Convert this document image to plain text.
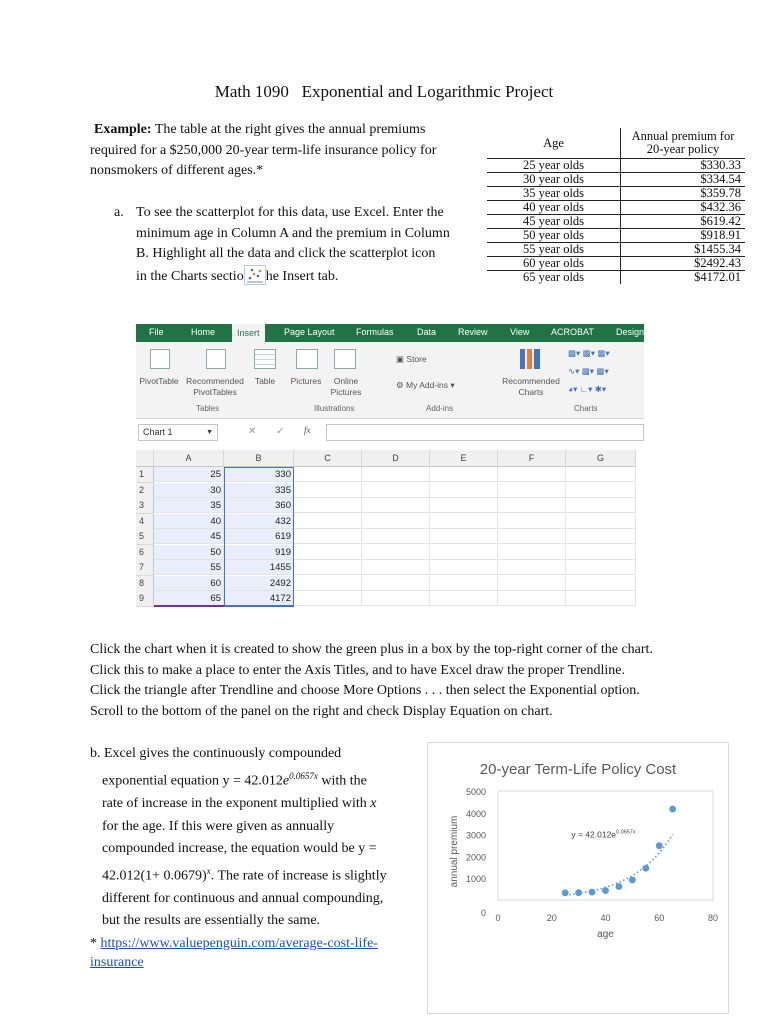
Math 1090   Exponential and Logarithmic Project
Example: The table at the right gives the annual premiums
required for a $250,000 20-year term-life insurance policy for
nonsmokers of different ages.*
a. To see the scatterplot for this data, use Excel. Enter the
minimum age in Column A and the premium in Column
B. Highlight all the data and click the scatterplot icon
in the Charts sectio he Insert tab.
Age	Annual premium for
20-year policy

25 year olds	$330.33
30 year olds	$334.54
35 year olds	$359.78
40 year olds	$432.36
45 year olds	$619.42
50 year olds	$918.91
55 year olds	$1455.34
60 year olds	$2492.43
65 year olds	$4172.01
File	Home	Insert	Page Layout Formulas	Data Review View ACROBAT Design
PivotTable Recommended
PivotTables
Table	Pictures	Online
Pictures
▣ Store
⚙ My Add-ins ▾	Recommended
Charts
▩▾ ▩▾ ▩▾
∿▾ ▩▾ ▩▾
◕▾ ∟▾ ✱▾
Tables	Illustrations	Add-ins	Charts
Chart 1	▼	✕ ✓ fx
A	B	C	D	E	F	G
1	25	330
2	30	335
3	35	360
4	40	432
5	45	619
6	50	919
7	55	1455
8	60	2492
9	65	4172
Click the chart when it is created to show the green plus in a box by the top-right corner of the chart.
Click this to make a place to enter the Axis Titles, and to have Excel draw the proper Trendline.
Click the triangle after Trendline and choose More Options . . . then select the Exponential option.
Scroll to the bottom of the panel on the right and check Display Equation on chart.
b. Excel gives the continuously compounded
exponential equation $y = 42.012e^{0.0657x}$ with the
rate of increase in the exponent multiplied with x
for the age. If this were given as annually
compounded increase, the equation would be y =
$42.012(1+ 0.0679)^x$. The rate of increase is slightly
different for continuous and annual compounding,
but the results are essentially the same.
* https://www.valuepenguin.com/average-cost-life-
insurance
20-year Term-Life Policy Cost
0
1000
2000
3000
4000
5000
0	20	40	60	80
age
annual premium	$y = 42.012e^{0.0657x}$
